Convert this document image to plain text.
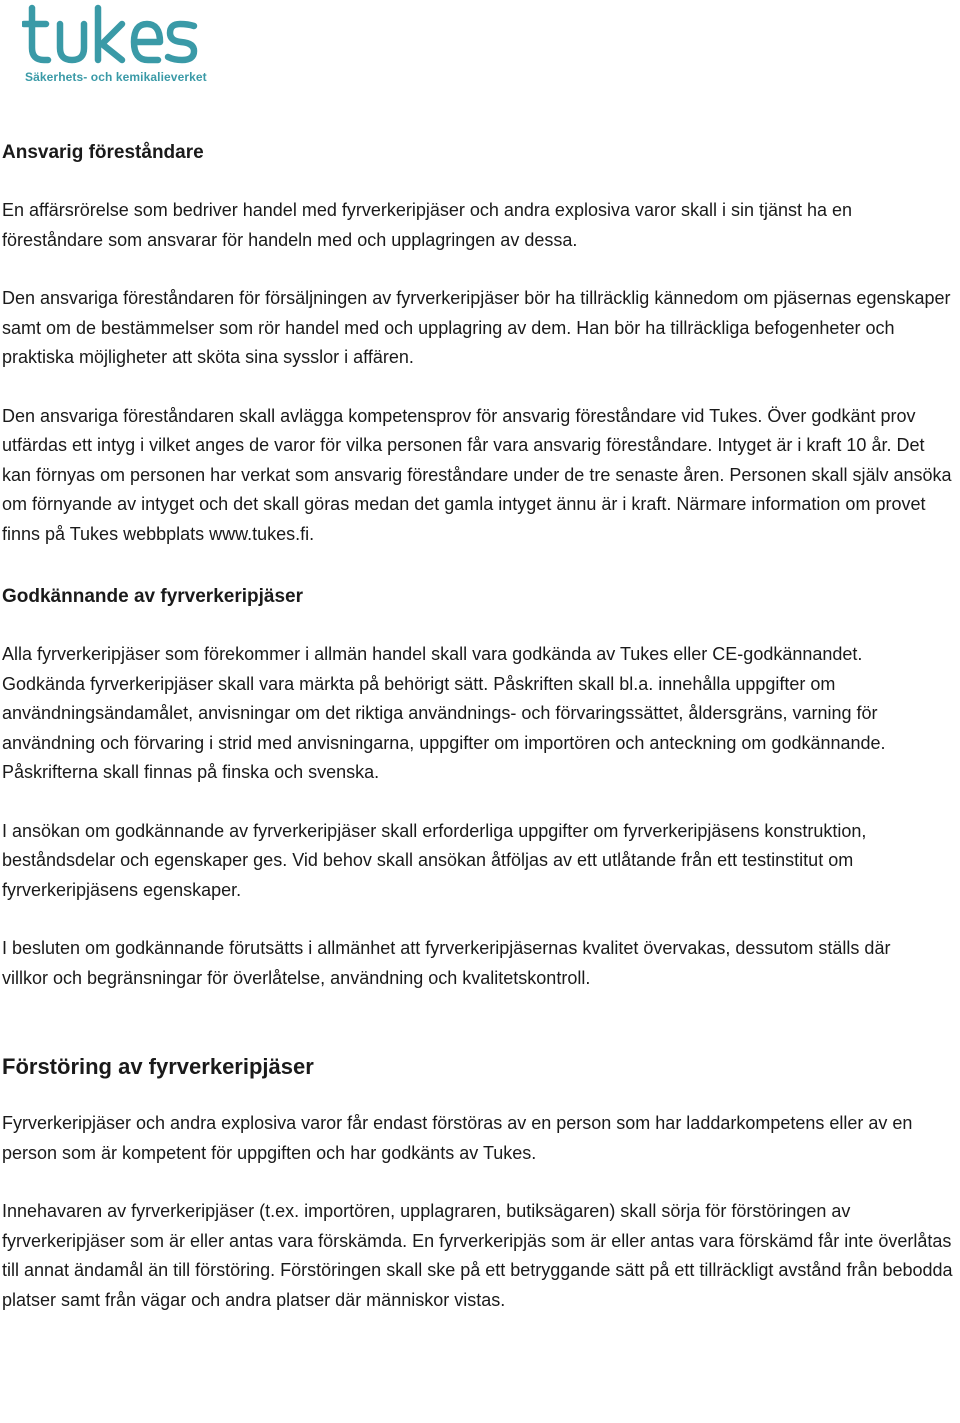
Säkerhets- och kemikalieverket
Ansvarig föreståndare

En affärsrörelse som bedriver handel med fyrverkeripjäser och andra explosiva varor skall i sin tjänst ha en föreståndare som ansvarar för handeln med och upplagringen av dessa.

Den ansvariga föreståndaren för försäljningen av fyrverkeripjäser bör ha tillräcklig kännedom om pjäsernas egenskaper samt om de bestämmelser som rör handel med och upplagring av dem. Han bör ha tillräckliga befogenheter och praktiska möjligheter att sköta sina sysslor i affären.

Den ansvariga föreståndaren skall avlägga kompetensprov för ansvarig föreståndare vid Tukes. Över godkänt prov utfärdas ett intyg i vilket anges de varor för vilka personen får vara ansvarig föreståndare. Intyget är i kraft 10 år. Det kan förnyas om personen har verkat som ansvarig föreståndare under de tre senaste åren. Personen skall själv ansöka om förnyande av intyget och det skall göras medan det gamla intyget ännu är i kraft. Närmare information om provet finns på Tukes webbplats www.tukes.fi.

Godkännande av fyrverkeripjäser

Alla fyrverkeripjäser som förekommer i allmän handel skall vara godkända av Tukes eller CE-godkännandet. Godkända fyrverkeripjäser skall vara märkta på behörigt sätt. Påskriften skall bl.a. innehålla uppgifter om användningsändamålet, anvisningar om det riktiga användnings- och förvaringssättet, åldersgräns, varning för användning och förvaring i strid med anvisningarna, uppgifter om importören och anteckning om godkännande. Påskrifterna skall finnas på finska och svenska.

I ansökan om godkännande av fyrverkeripjäser skall erforderliga uppgifter om fyrverkeripjäsens konstruktion, beståndsdelar och egenskaper ges. Vid behov skall ansökan åtföljas av ett utlåtande från ett testinstitut om fyrverkeripjäsens egenskaper.

I besluten om godkännande förutsätts i allmänhet att fyrverkeripjäsernas kvalitet övervakas, dessutom ställs där villkor och begränsningar för överlåtelse, användning och kvalitetskontroll.

Förstöring av fyrverkeripjäser

Fyrverkeripjäser och andra explosiva varor får endast förstöras av en person som har laddarkompetens eller av en person som är kompetent för uppgiften och har godkänts av Tukes.

Innehavaren av fyrverkeripjäser (t.ex. importören, upplagraren, butiksägaren) skall sörja för förstöringen av fyrverkeripjäser som är eller antas vara förskämda. En fyrverkeripjäs som är eller antas vara förskämd får inte överlåtas till annat ändamål än till förstöring. Förstöringen skall ske på ett betryggande sätt på ett tillräckligt avstånd från bebodda platser samt från vägar och andra platser där människor vistas.
